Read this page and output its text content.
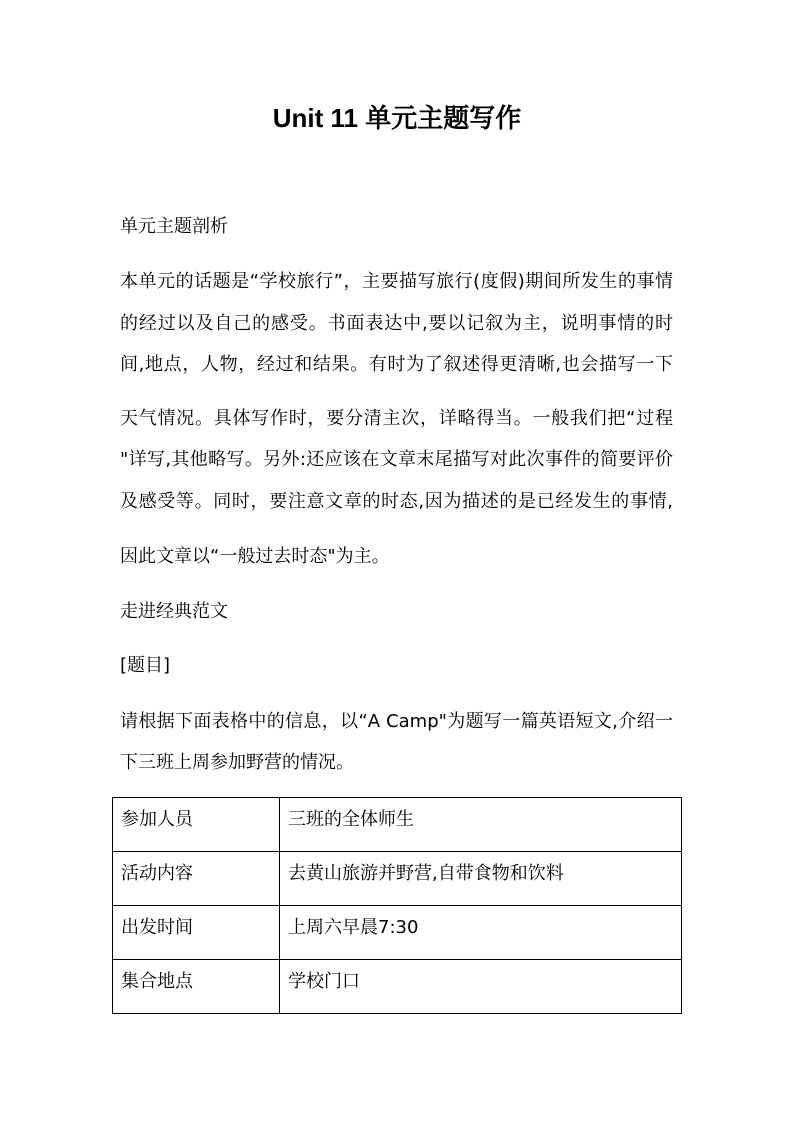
Unit 11 单元主题写作
单元主题剖析
本单元的话题是“学校旅行”，主要描写旅行(度假)期间所发生的事情
的经过以及自己的感受。书面表达中,要以记叙为主，说明事情的时
间,地点，人物，经过和结果。有时为了叙述得更清晰,也会描写一下
天气情况。具体写作时，要分清主次，详略得当。一般我们把“过程
"详写,其他略写。另外:还应该在文章末尾描写对此次事件的简要评价
及感受等。同时，要注意文章的时态,因为描述的是已经发生的事情,
因此文章以“一般过去时态"为主。
走进经典范文
[题目]
请根据下面表格中的信息，以“A Camp"为题写一篇英语短文,介绍一
下三班上周参加野营的情况。
参加人员	三班的全体师生

活动内容	去黄山旅游并野营,自带食物和饮料

出发时间	上周六早晨7:30

集合地点	学校门口
